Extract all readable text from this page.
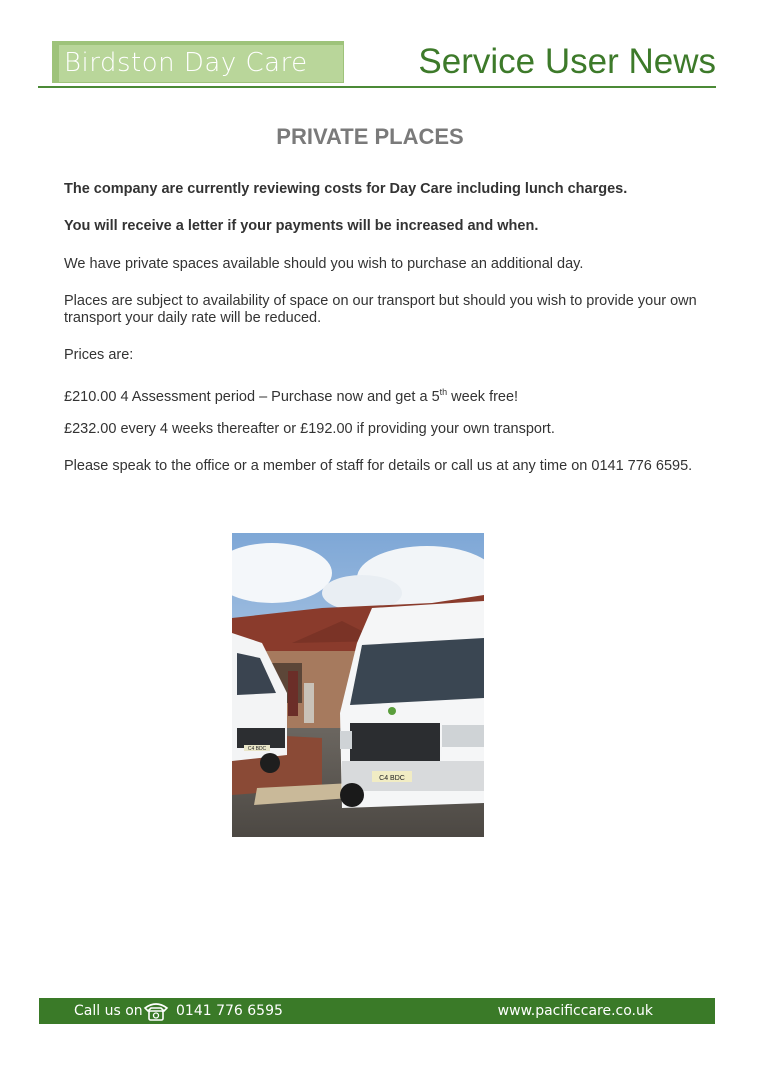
Birdston Day Care	Service User News
PRIVATE PLACES
The company are currently reviewing costs for Day Care including lunch charges.
You will receive a letter if your payments will be increased and when.
We have private spaces available should you wish to purchase an additional day.
Places are subject to availability of space on our transport but should you wish to provide your own transport your daily rate will be reduced.
Prices are:
£210.00 4 Assessment period – Purchase now and get a 5th week free!
£232.00 every 4 weeks thereafter or £192.00 if providing your own transport.
Please speak to the office or a member of staff for details or call us at any time on 0141 776 6595.
C4 BDC
C4 BDC
Call us on 0141 776 6595	www.pacificcare.co.uk
